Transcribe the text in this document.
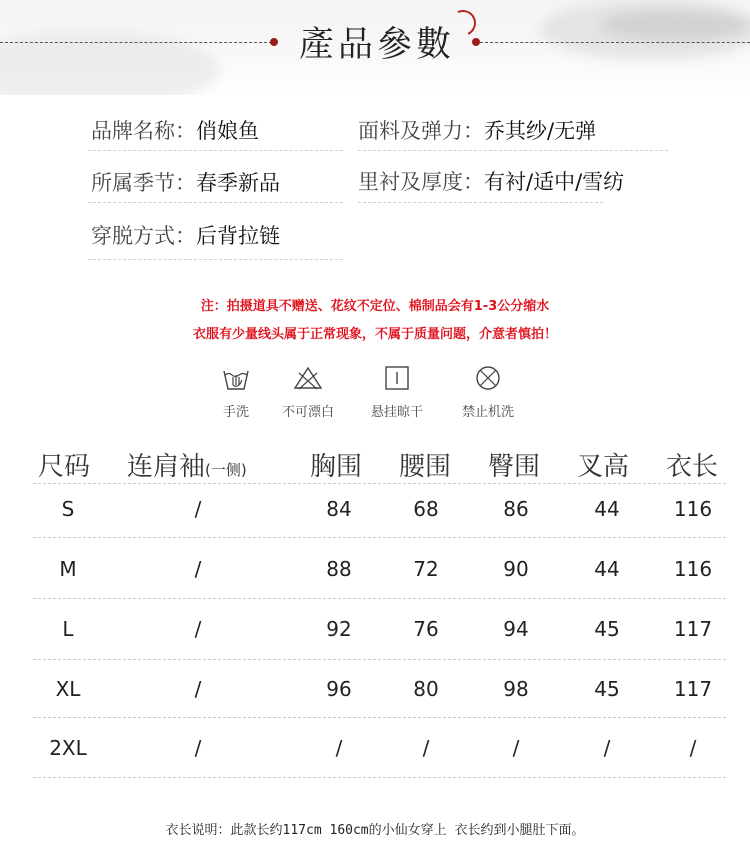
產品參數
品牌名称：俏娘鱼	面料及弹力：乔其纱/无弹
所属季节：春季新品	里衬及厚度：有衬/适中/雪纺
穿脱方式：后背拉链
注：拍摄道具不赠送、花纹不定位、棉制品会有1-3公分缩水
衣服有少量线头属于正常现象，不属于质量问题，介意者慎拍！
手洗	不可漂白	悬挂晾干	禁止机洗
尺码 连肩袖(一侧) 胸围 腰围 臀围 叉高 衣长
S	/	84	68	86	44	116
M	/	88	72	90	44	116
L	/	92	76	94	45	117
XL	/	96	80	98	45	117
2XL	/	/	/	/	/	/
衣长说明：此款长约117cm 160cm的小仙女穿上 衣长约到小腿肚下面。
